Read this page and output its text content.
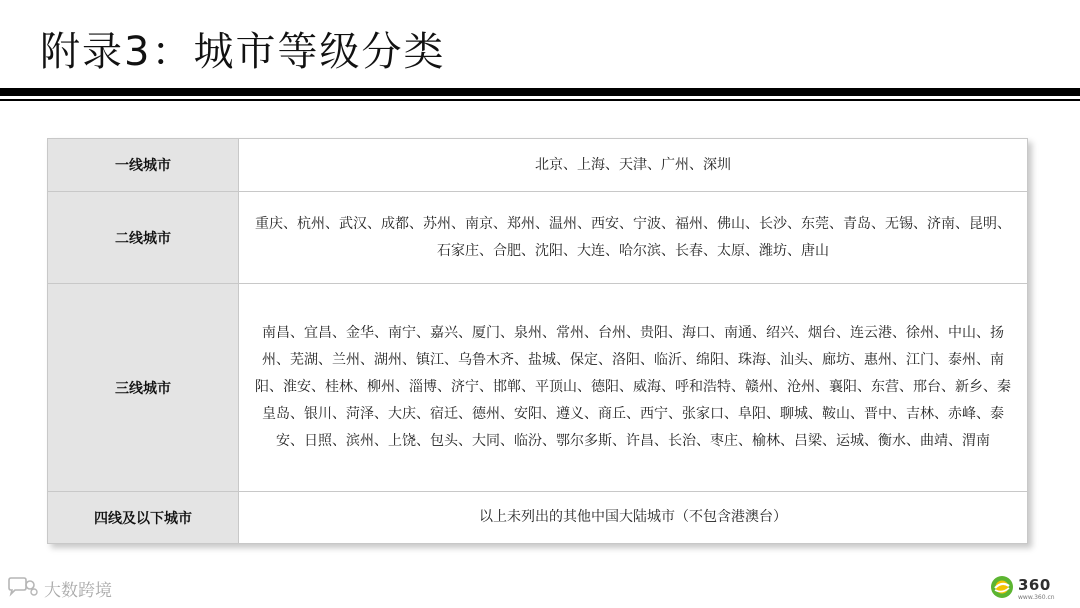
附录3：城市等级分类
一线城市	北京、上海、天津、广州、深圳
二线城市	重庆、杭州、武汉、成都、苏州、南京、郑州、温州、西安、宁波、福州、佛山、长沙、东莞、青岛、无锡、济南、昆明、石家庄、合肥、沈阳、大连、哈尔滨、长春、太原、潍坊、唐山
三线城市	南昌、宜昌、金华、南宁、嘉兴、厦门、泉州、常州、台州、贵阳、海口、南通、绍兴、烟台、连云港、徐州、中山、扬州、芜湖、兰州、湖州、镇江、乌鲁木齐、盐城、保定、洛阳、临沂、绵阳、珠海、汕头、廊坊、惠州、江门、泰州、南阳、淮安、桂林、柳州、淄博、济宁、邯郸、平顶山、德阳、威海、呼和浩特、赣州、沧州、襄阳、东营、邢台、新乡、秦皇岛、银川、菏泽、大庆、宿迁、德州、安阳、遵义、商丘、西宁、张家口、阜阳、聊城、鞍山、晋中、吉林、赤峰、泰安、日照、滨州、上饶、包头、大同、临汾、鄂尔多斯、许昌、长治、枣庄、榆林、吕梁、运城、衡水、曲靖、渭南
四线及以下城市	以上未列出的其他中国大陆城市（不包含港澳台）
大数跨境	360
www.360.cn
